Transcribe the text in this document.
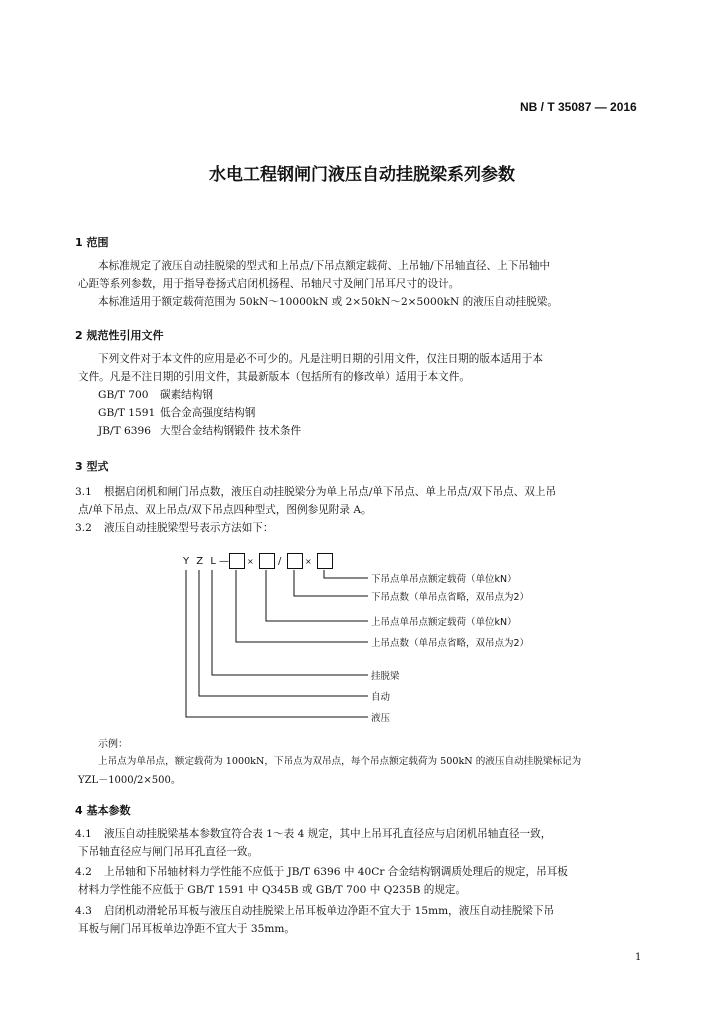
NB / T 35087 — 2016
水电工程钢闸门液压自动挂脱梁系列参数
1 范围
本标准规定了液压自动挂脱梁的型式和上吊点/下吊点额定载荷、上吊轴/下吊轴直径、上下吊轴中
心距等系列参数，用于指导卷扬式启闭机扬程、吊轴尺寸及闸门吊耳尺寸的设计。
本标准适用于额定载荷范围为 50kN～10000kN 或 2×50kN～2×5000kN 的液压自动挂脱梁。
2 规范性引用文件
下列文件对于本文件的应用是必不可少的。凡是注明日期的引用文件，仅注日期的版本适用于本
文件。凡是不注日期的引用文件，其最新版本（包括所有的修改单）适用于本文件。
GB/T 700 碳素结构钢
GB/T 1591 低合金高强度结构钢
JB/T 6396 大型合金结构钢锻件 技术条件
3 型式
3.1 根据启闭机和闸门吊点数，液压自动挂脱梁分为单上吊点/单下吊点、单上吊点/双下吊点、双上吊
点/单下吊点、双上吊点/双下吊点四种型式，图例参见附录 A。
3.2 液压自动挂脱梁型号表示方法如下：
Y Z L — × /	×
下吊点单吊点额定载荷（单位kN）
下吊点数（单吊点省略，双吊点为2）
上吊点单吊点额定载荷（单位kN）
上吊点数（单吊点省略，双吊点为2）
挂脱梁
自动
液压
示例：
上吊点为单吊点，额定载荷为 1000kN，下吊点为双吊点，每个吊点额定载荷为 500kN 的液压自动挂脱梁标记为
YZL－1000/2×500。
4 基本参数
4.1 液压自动挂脱梁基本参数宜符合表 1～表 4 规定，其中上吊耳孔直径应与启闭机吊轴直径一致，
下吊轴直径应与闸门吊耳孔直径一致。
4.2 上吊轴和下吊轴材料力学性能不应低于 JB/T 6396 中 40Cr 合金结构钢调质处理后的规定，吊耳板
材料力学性能不应低于 GB/T 1591 中 Q345B 或 GB/T 700 中 Q235B 的规定。
4.3 启闭机动滑轮吊耳板与液压自动挂脱梁上吊耳板单边净距不宜大于 15mm，液压自动挂脱梁下吊
耳板与闸门吊耳板单边净距不宜大于 35mm。
1
